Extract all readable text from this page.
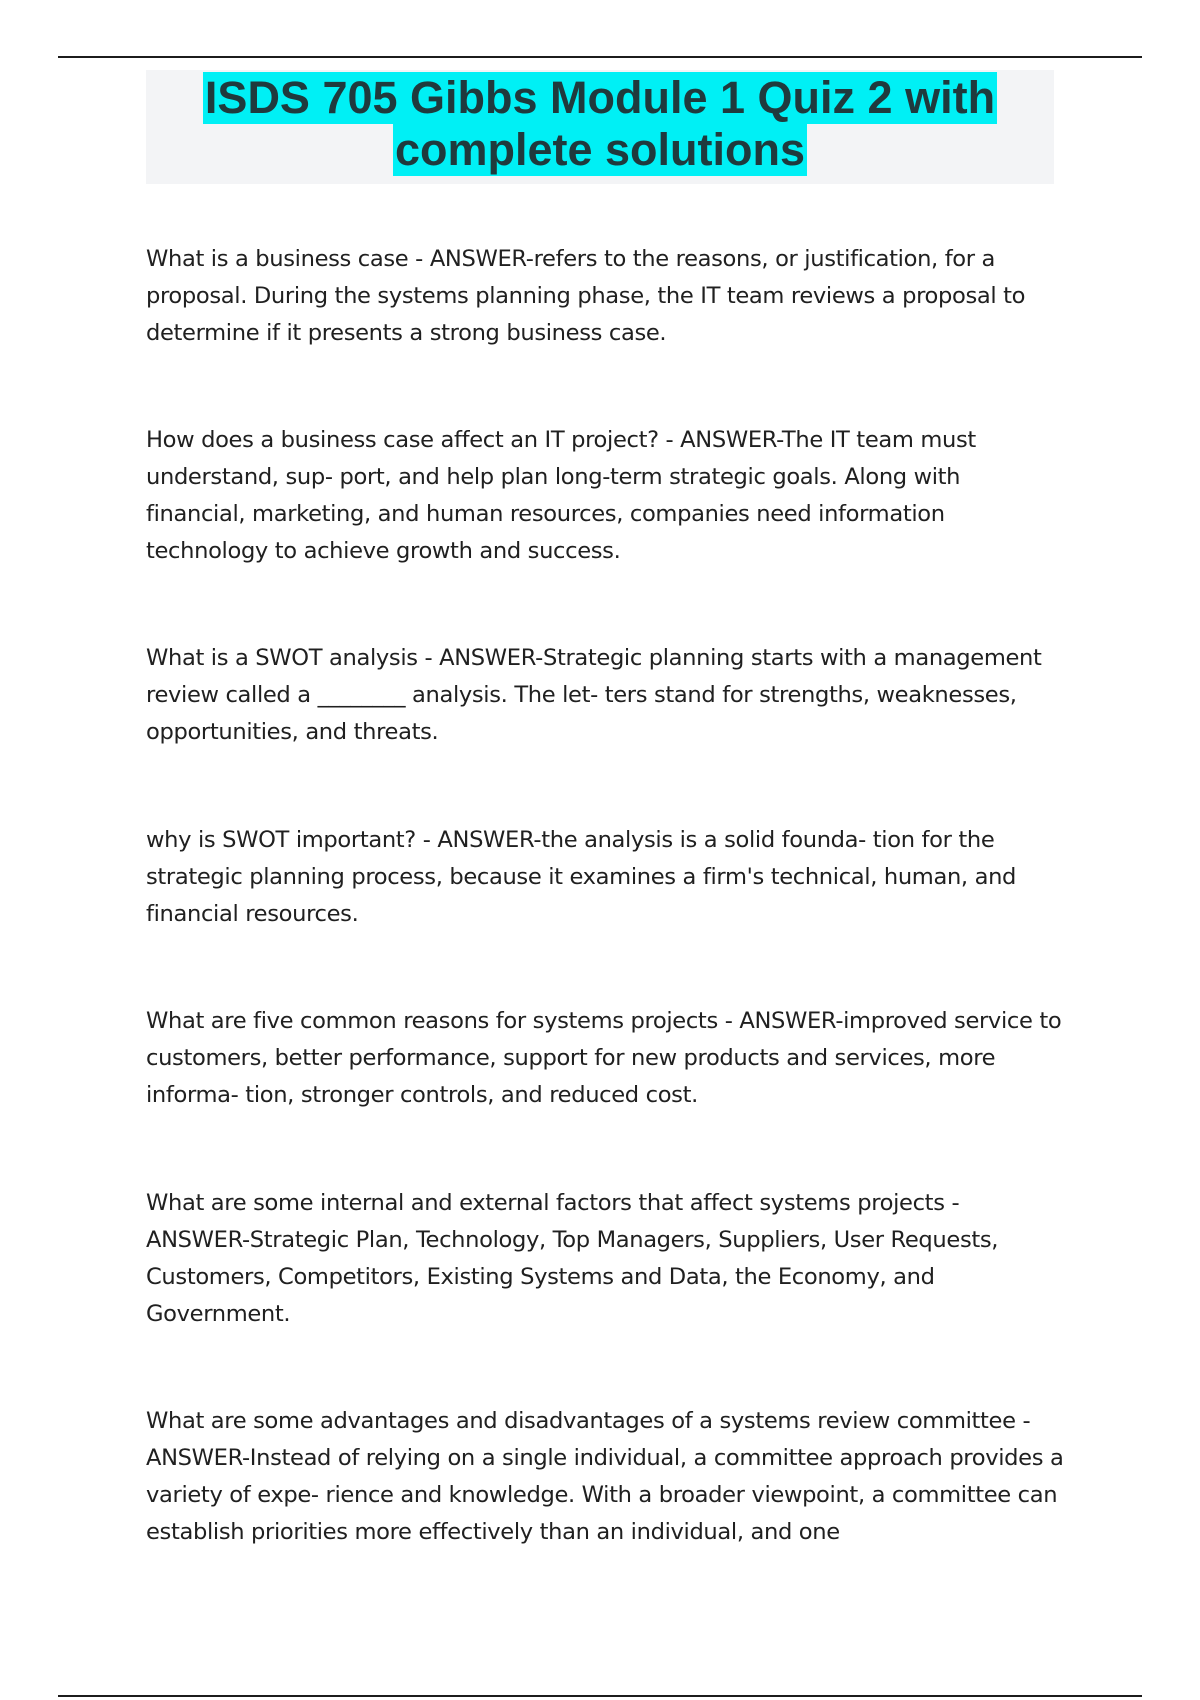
ISDS 705 Gibbs Module 1 Quiz 2 with
complete solutions

What is a business case - ANSWER-refers to the reasons, or justification, for a proposal. During the systems planning phase, the IT team reviews a proposal to determine if it presents a strong business case.

How does a business case affect an IT project? - ANSWER-The IT team must understand, sup- port, and help plan long-term strategic goals. Along with financial, marketing, and human resources, companies need information technology to achieve growth and success.

What is a SWOT analysis - ANSWER-Strategic planning starts with a management review called a ________ analysis. The let- ters stand for strengths, weaknesses, opportunities, and threats.

why is SWOT important? - ANSWER-the analysis is a solid founda- tion for the strategic planning process, because it examines a firm's technical, human, and financial resources.

What are five common reasons for systems projects - ANSWER-improved service to customers, better performance, support for new products and services, more informa- tion, stronger controls, and reduced cost.

What are some internal and external factors that affect systems projects - ANSWER-Strategic Plan, Technology, Top Managers, Suppliers, User Requests, Customers, Competitors, Existing Systems and Data, the Economy, and Government.

What are some advantages and disadvantages of a systems review committee - ANSWER-Instead of relying on a single individual, a committee approach provides a variety of expe- rience and knowledge. With a broader viewpoint, a committee can establish priorities more effectively than an individual, and one
